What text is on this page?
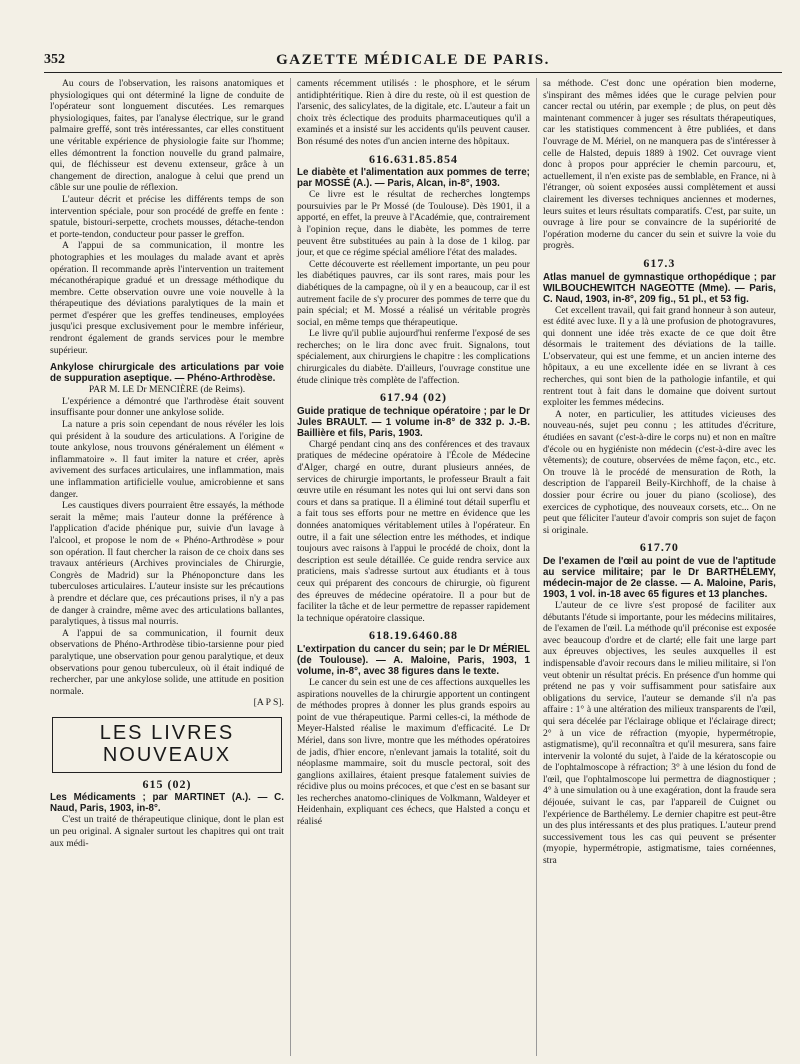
352	GAZETTE MÉDICALE DE PARIS.

Au cours de l'observation, les raisons anatomiques et physiologiques qui ont déterminé la ligne de conduite de l'opérateur sont longuement discutées. Les remarques physiologiques, faites, par l'analyse électrique, sur le grand palmaire greffé, sont très intéressantes, car elles constituent une véritable expérience de physiologie faite sur l'homme; elles démontrent la fonction nouvelle du grand palmaire, qui, de fléchisseur est devenu extenseur, grâce à un changement de direction, analogue à celui que prend un câble sur une poulie de réflexion.

L'auteur décrit et précise les différents temps de son intervention spéciale, pour son procédé de greffe en fente : spatule, bistouri-serpette, crochets mousses, détache-tendon et porte-tendon, conducteur pour passer le greffon.

A l'appui de sa communication, il montre les photographies et les moulages du malade avant et après opération. Il recommande après l'intervention un traitement mécanothérapique gradué et un dressage méthodique du membre. Cette observation ouvre une voie nouvelle à la thérapeutique des déviations paralytiques de la main et permet d'espérer que les greffes tendineuses, employées jusqu'ici presque exclusivement pour le membre inférieur, rendront également de grands services pour le membre supérieur.

Ankylose chirurgicale des articulations par voie de suppuration aseptique. — Phéno-Arthrodèse.

PAR M. LE Dr MENCIÈRE (de Reims).

L'expérience a démontré que l'arthrodèse était souvent insuffisante pour donner une ankylose solide.

La nature a pris soin cependant de nous révéler les lois qui président à la soudure des articulations. A l'origine de toute ankylose, nous trouvons généralement un élément « inflammatoire ». Il faut imiter la nature et créer, après avivement des surfaces articulaires, une inflammation, mais une inflammation artificielle voulue, amicrobienne et sans danger.

Les caustiques divers pourraient être essayés, la méthode serait la même; mais l'auteur donne la préférence à l'application d'acide phénique pur, suivie d'un lavage à l'alcool, et propose le nom de « Phéno-Arthrodèse » pour son opération. Il faut chercher la raison de ce choix dans ses travaux antérieurs (Archives provinciales de Chirurgie, Congrès de Madrid) sur la Phénoponcture dans les tuberculoses articulaires. L'auteur insiste sur les précautions à prendre et déclare que, ces précautions prises, il n'y a pas de danger à craindre, même avec des articulations ballantes, paralytiques, à tissus mal nourris.

A l'appui de sa communication, il fournit deux observations de Phéno-Arthrodèse tibio-tarsienne pour pied paralytique, une observation pour genou paralytique, et deux observations pour genou tuberculeux, où il était indiqué de rechercher, par une ankylose solide, une attitude en position normale.

[A P S].

LES LIVRES
NOUVEAUX
615 (02)

Les Médicaments ; par MARTINET (A.). — C. Naud, Paris, 1903, in-8°.

C'est un traité de thérapeutique clinique, dont le plan est un peu original. A signaler surtout les chapitres qui ont trait aux médi-

caments récemment utilisés : le phosphore, et le sérum antidiphtéritique. Rien à dire du reste, où il est question de l'arsenic, des salicylates, de la digitale, etc. L'auteur a fait un choix très éclectique des produits pharmaceutiques qu'il a examinés et a insisté sur les accidents qu'ils peuvent causer. Bon résumé des notes d'un ancien interne des hôpitaux.

616.631.85.854

Le diabète et l'alimentation aux pommes de terre; par MOSSÉ (A.). — Paris, Alcan, in-8°, 1903.

Ce livre est le résultat de recherches longtemps poursuivies par le Pr Mossé (de Toulouse). Dès 1901, il a apporté, en effet, la preuve à l'Académie, que, contrairement à l'opinion reçue, dans le diabète, les pommes de terre peuvent être substituées au pain à la dose de 1 kilog. par jour, et que ce régime spécial améliore l'état des malades.

Cette découverte est réellement importante, un peu pour les diabétiques pauvres, car ils sont rares, mais pour les diabétiques de la campagne, où il y en a beaucoup, car il est autrement facile de s'y procurer des pommes de terre que du pain spécial; et M. Mossé a réalisé un véritable progrès social, en même temps que thérapeutique.

Le livre qu'il publie aujourd'hui renferme l'exposé de ses recherches; on le lira donc avec fruit. Signalons, tout spécialement, aux chirurgiens le chapitre : les complications chirurgicales du diabète. D'ailleurs, l'ouvrage constitue une étude clinique très complète de l'affection.

617.94 (02)

Guide pratique de technique opératoire ; par le Dr Jules BRAULT. — 1 volume in-8° de 332 p. J.-B. Baillière et fils, Paris, 1903.

Chargé pendant cinq ans des conférences et des travaux pratiques de médecine opératoire à l'École de Médecine d'Alger, chargé en outre, durant plusieurs années, de services de chirurgie importants, le professeur Brault a fait œuvre utile en résumant les notes qui lui ont servi dans son cours et dans sa pratique. Il a éliminé tout détail superflu et a fait tous ses efforts pour ne mettre en évidence que les données anatomiques véritablement utiles à l'opérateur. En outre, il a fait une sélection entre les méthodes, et indique toujours avec raisons à l'appui le procédé de choix, dont la description est seule détaillée. Ce guide rendra service aux praticiens, mais s'adresse surtout aux étudiants et à tous ceux qui préparent des concours de chirurgie, où figurent des épreuves de médecine opératoire. Il a pour but de faciliter la tâche et de leur permettre de repasser rapidement la technique opératoire classique.

618.19.6460.88

L'extirpation du cancer du sein; par le Dr MÉRIEL (de Toulouse). — A. Maloine, Paris, 1903, 1 volume, in-8°, avec 38 figures dans le texte.

Le cancer du sein est une de ces affections auxquelles les aspirations nouvelles de la chirurgie apportent un contingent de méthodes propres à donner les plus grands espoirs au point de vue thérapeutique. Parmi celles-ci, la méthode de Meyer-Halsted réalise le maximum d'efficacité. Le Dr Mériel, dans son livre, montre que les méthodes opératoires de jadis, d'hier encore, n'enlevant jamais la totalité, soit du néoplasme mammaire, soit du muscle pectoral, soit des ganglions axillaires, étaient presque fatalement suivies de récidive plus ou moins précoces, et que c'est en se basant sur les recherches anatomo-cliniques de Volkmann, Waldeyer et Heidenhain, expliquant ces échecs, que Halsted a conçu et réalisé

sa méthode. C'est donc une opération bien moderne, s'inspirant des mêmes idées que le curage pelvien pour cancer rectal ou utérin, par exemple ; de plus, on peut dès maintenant commencer à juger ses résultats thérapeutiques, car les statistiques commencent à être publiées, et dans l'ouvrage de M. Mériel, on ne manquera pas de s'intéresser à celle de Halsted, depuis 1889 à 1902. Cet ouvrage vient donc à propos pour apprécier le chemin parcouru, et, actuellement, il n'en existe pas de semblable, en France, ni à l'étranger, où soient exposées aussi complètement et aussi clairement les diverses techniques anciennes et modernes, leurs suites et leurs résultats comparatifs. C'est, par suite, un ouvrage à lire pour se convaincre de la supériorité de l'opération moderne du cancer du sein et suivre la voie du progrès.

617.3

Atlas manuel de gymnastique orthopédique ; par WILBOUCHEWITCH NAGEOTTE (Mme). — Paris, C. Naud, 1903, in-8°, 209 fig., 51 pl., et 53 fig.

Cet excellent travail, qui fait grand honneur à son auteur, est édité avec luxe. Il y a là une profusion de photogravures, qui donnent une idée très exacte de ce que doit être désormais le traitement des déviations de la taille. L'observateur, qui est une femme, et un ancien interne des hôpitaux, a eu une excellente idée en se livrant à ces recherches, qui sont bien de la pathologie infantile, et qui rentrent tout à fait dans le domaine que doivent surtout exploiter les femmes médecins.

A noter, en particulier, les attitudes vicieuses des nouveau-nés, sujet peu connu ; les attitudes d'écriture, étudiées en savant (c'est-à-dire le corps nu) et non en maître d'école ou en hygiéniste non médecin (c'est-à-dire avec les vêtements); de couture, observées de même façon, etc., etc. On trouve là le procédé de mensuration de Roth, la description de l'appareil Beily-Kirchhoff, de la chaise à dossier pour écrire ou jouer du piano (scoliose), des exercices de cyphotique, des nouveaux corsets, etc... On ne peut que féliciter l'auteur d'avoir compris son sujet de façon si originale.

617.70

De l'examen de l'œil au point de vue de l'aptitude au service militaire; par le Dr BARTHÉLEMY, médecin-major de 2e classe. — A. Maloine, Paris, 1903, 1 vol. in-18 avec 65 figures et 13 planches.

L'auteur de ce livre s'est proposé de faciliter aux débutants l'étude si importante, pour les médecins militaires, de l'examen de l'œil. La méthode qu'il préconise est exposée avec beaucoup d'ordre et de clarté; elle fait une large part aux épreuves objectives, les seules auxquelles il est indispensable d'avoir recours dans le milieu militaire, si l'on veut obtenir un résultat précis. En présence d'un homme qui prétend ne pas y voir suffisamment pour satisfaire aux obligations du service, l'auteur se demande s'il n'a pas affaire : 1° à une altération des milieux transparents de l'œil, qui sera décelée par l'éclairage oblique et l'éclairage direct; 2° à un vice de réfraction (myopie, hypermétropie, astigmatisme), qu'il reconnaîtra et qu'il mesurera, sans faire intervenir la volonté du sujet, à l'aide de la kératoscopie ou de l'ophtalmoscope à réfraction; 3° à une lésion du fond de l'œil, que l'ophtalmoscope lui permettra de diagnostiquer ; 4° à une simulation ou à une exagération, dont la fraude sera déjouée, suivant le cas, par l'appareil de Cuignet ou l'expérience de Barthélemy. Le dernier chapitre est peut-être un des plus intéressants et des plus pratiques. L'auteur prend successivement tous les cas qui peuvent se présenter (myopie, hypermétropie, astigmatisme, taies cornéennes, stra
